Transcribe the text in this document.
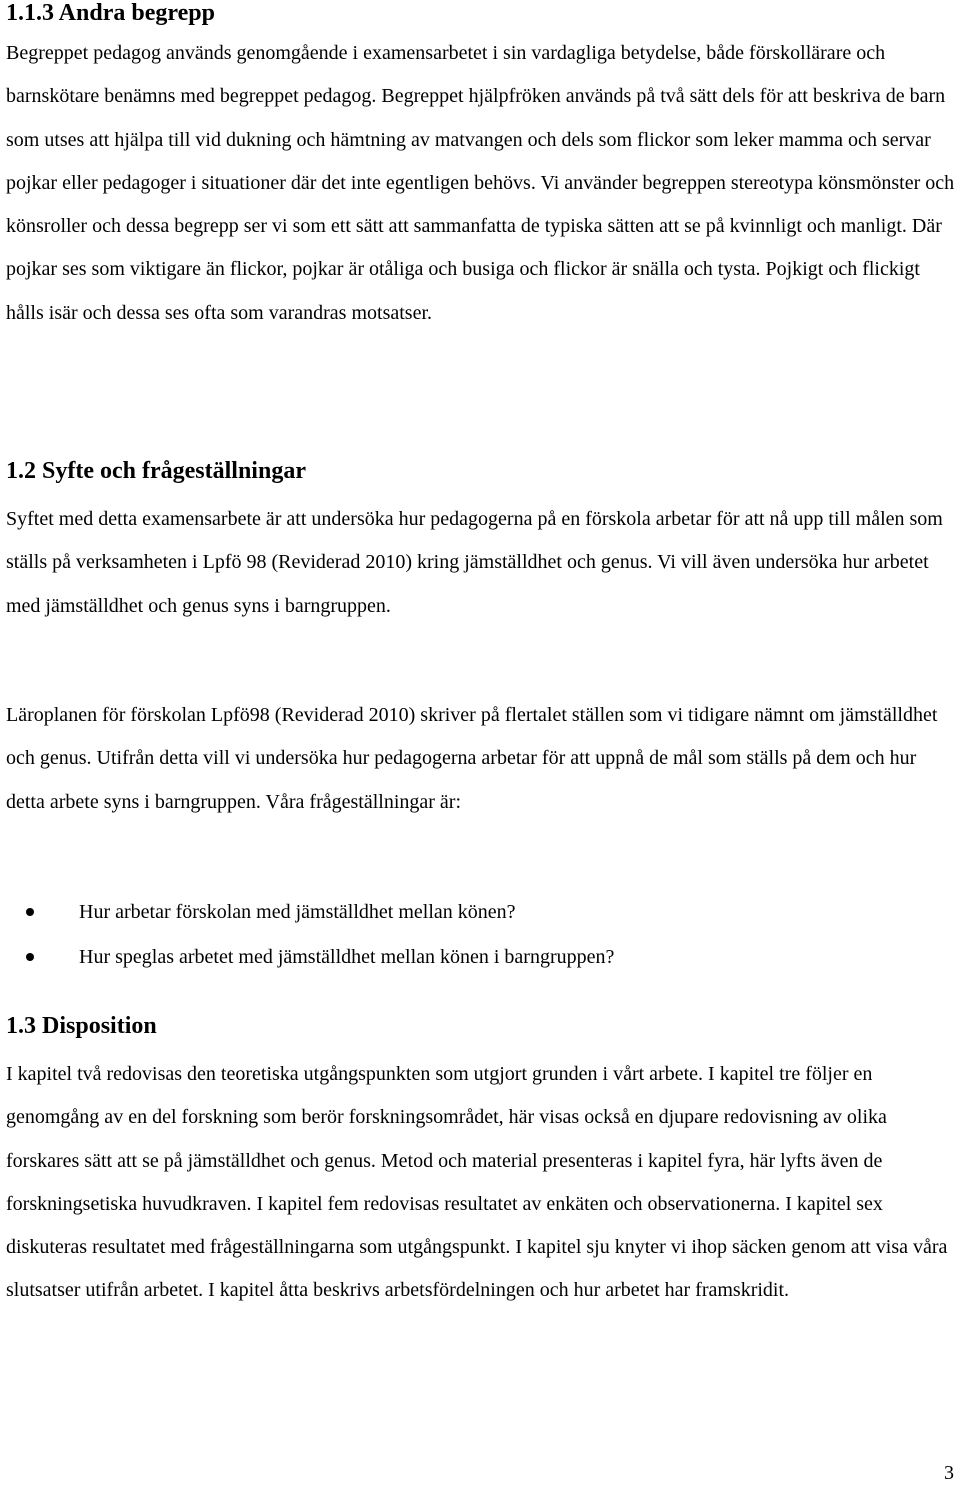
1.1.3 Andra begrepp

Begreppet pedagog används genomgående i examensarbetet i sin vardagliga betydelse, både förskollärare och barnskötare benämns med begreppet pedagog. Begreppet hjälpfröken används på två sätt dels för att beskriva de barn som utses att hjälpa till vid dukning och hämtning av matvangen och dels som flickor som leker mamma och servar pojkar eller pedagoger i situationer där det inte egentligen behövs. Vi använder begreppen stereotypa könsmönster och könsroller och dessa begrepp ser vi som ett sätt att sammanfatta de typiska sätten att se på kvinnligt och manligt. Där pojkar ses som viktigare än flickor, pojkar är otåliga och busiga och flickor är snälla och tysta. Pojkigt och flickigt hålls isär och dessa ses ofta som varandras motsatser.

1.2 Syfte och frågeställningar

Syftet med detta examensarbete är att undersöka hur pedagogerna på en förskola arbetar för att nå upp till målen som ställs på verksamheten i Lpfö 98 (Reviderad 2010) kring jämställdhet och genus. Vi vill även undersöka hur arbetet med jämställdhet och genus syns i barngruppen.

Läroplanen för förskolan Lpfö98 (Reviderad 2010) skriver på flertalet ställen som vi tidigare nämnt om jämställdhet och genus. Utifrån detta vill vi undersöka hur pedagogerna arbetar för att uppnå de mål som ställs på dem och hur detta arbete syns i barngruppen. Våra frågeställningar är:

Hur arbetar förskolan med jämställdhet mellan könen?
Hur speglas arbetet med jämställdhet mellan könen i barngruppen?
1.3 Disposition

I kapitel två redovisas den teoretiska utgångspunkten som utgjort grunden i vårt arbete. I kapitel tre följer en genomgång av en del forskning som berör forskningsområdet, här visas också en djupare redovisning av olika forskares sätt att se på jämställdhet och genus. Metod och material presenteras i kapitel fyra, här lyfts även de forskningsetiska huvudkraven. I kapitel fem redovisas resultatet av enkäten och observationerna. I kapitel sex diskuteras resultatet med frågeställningarna som utgångspunkt. I kapitel sju knyter vi ihop säcken genom att visa våra slutsatser utifrån arbetet. I kapitel åtta beskrivs arbetsfördelningen och hur arbetet har framskridit.

3
